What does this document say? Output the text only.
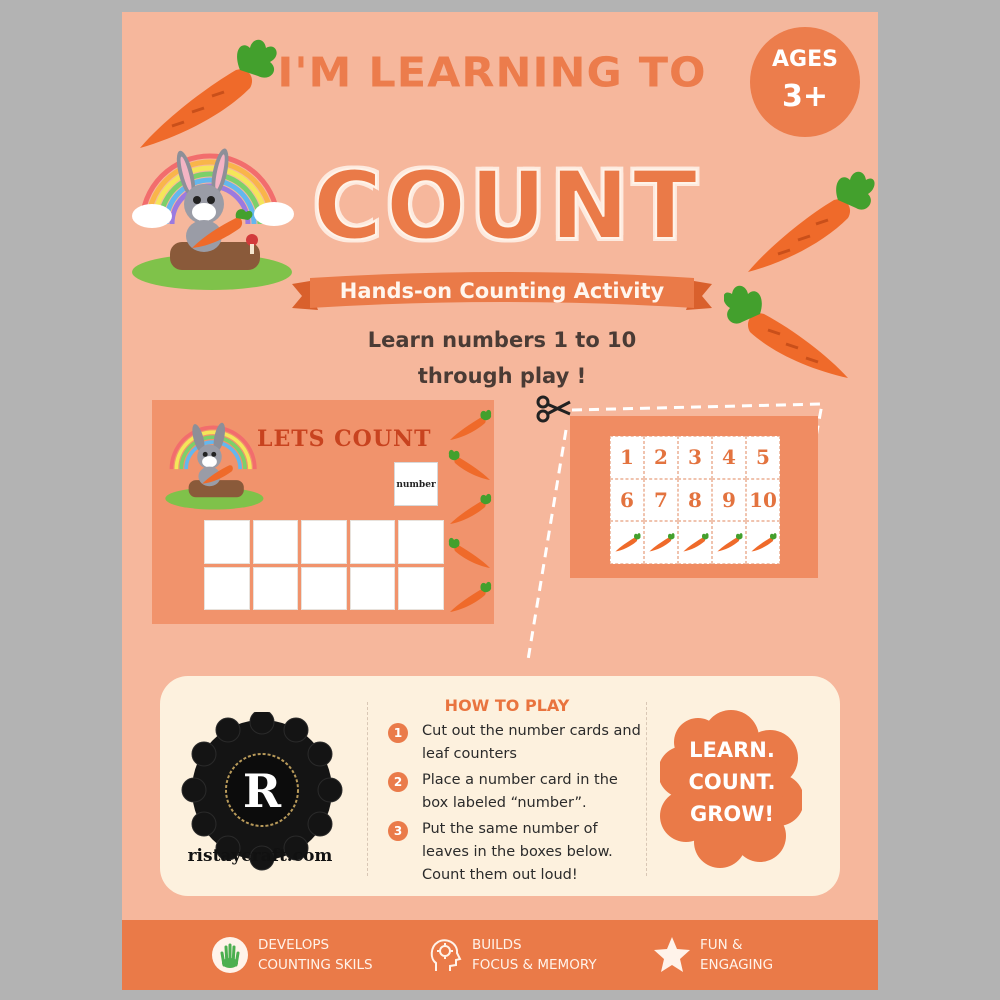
I'M LEARNING TO
COUNT
Hands-on Counting Activity
Learn numbers 1 to 10
through play !
AGES
3+
LETS COUNT
number
1	2	3	4	5
6	7	8	9 10
R
ristaycraft.com
HOW TO PLAY
1	Cut out the number cards and leaf counters
2	Place a number card in the box labeled “number”.
3	Put the same number of leaves in the boxes below. Count them out loud!
LEARN.
COUNT.
GROW!
DEVELOPS
COUNTING SKILS
BUILDS
FOCUS & MEMORY
FUN &
ENGAGING
